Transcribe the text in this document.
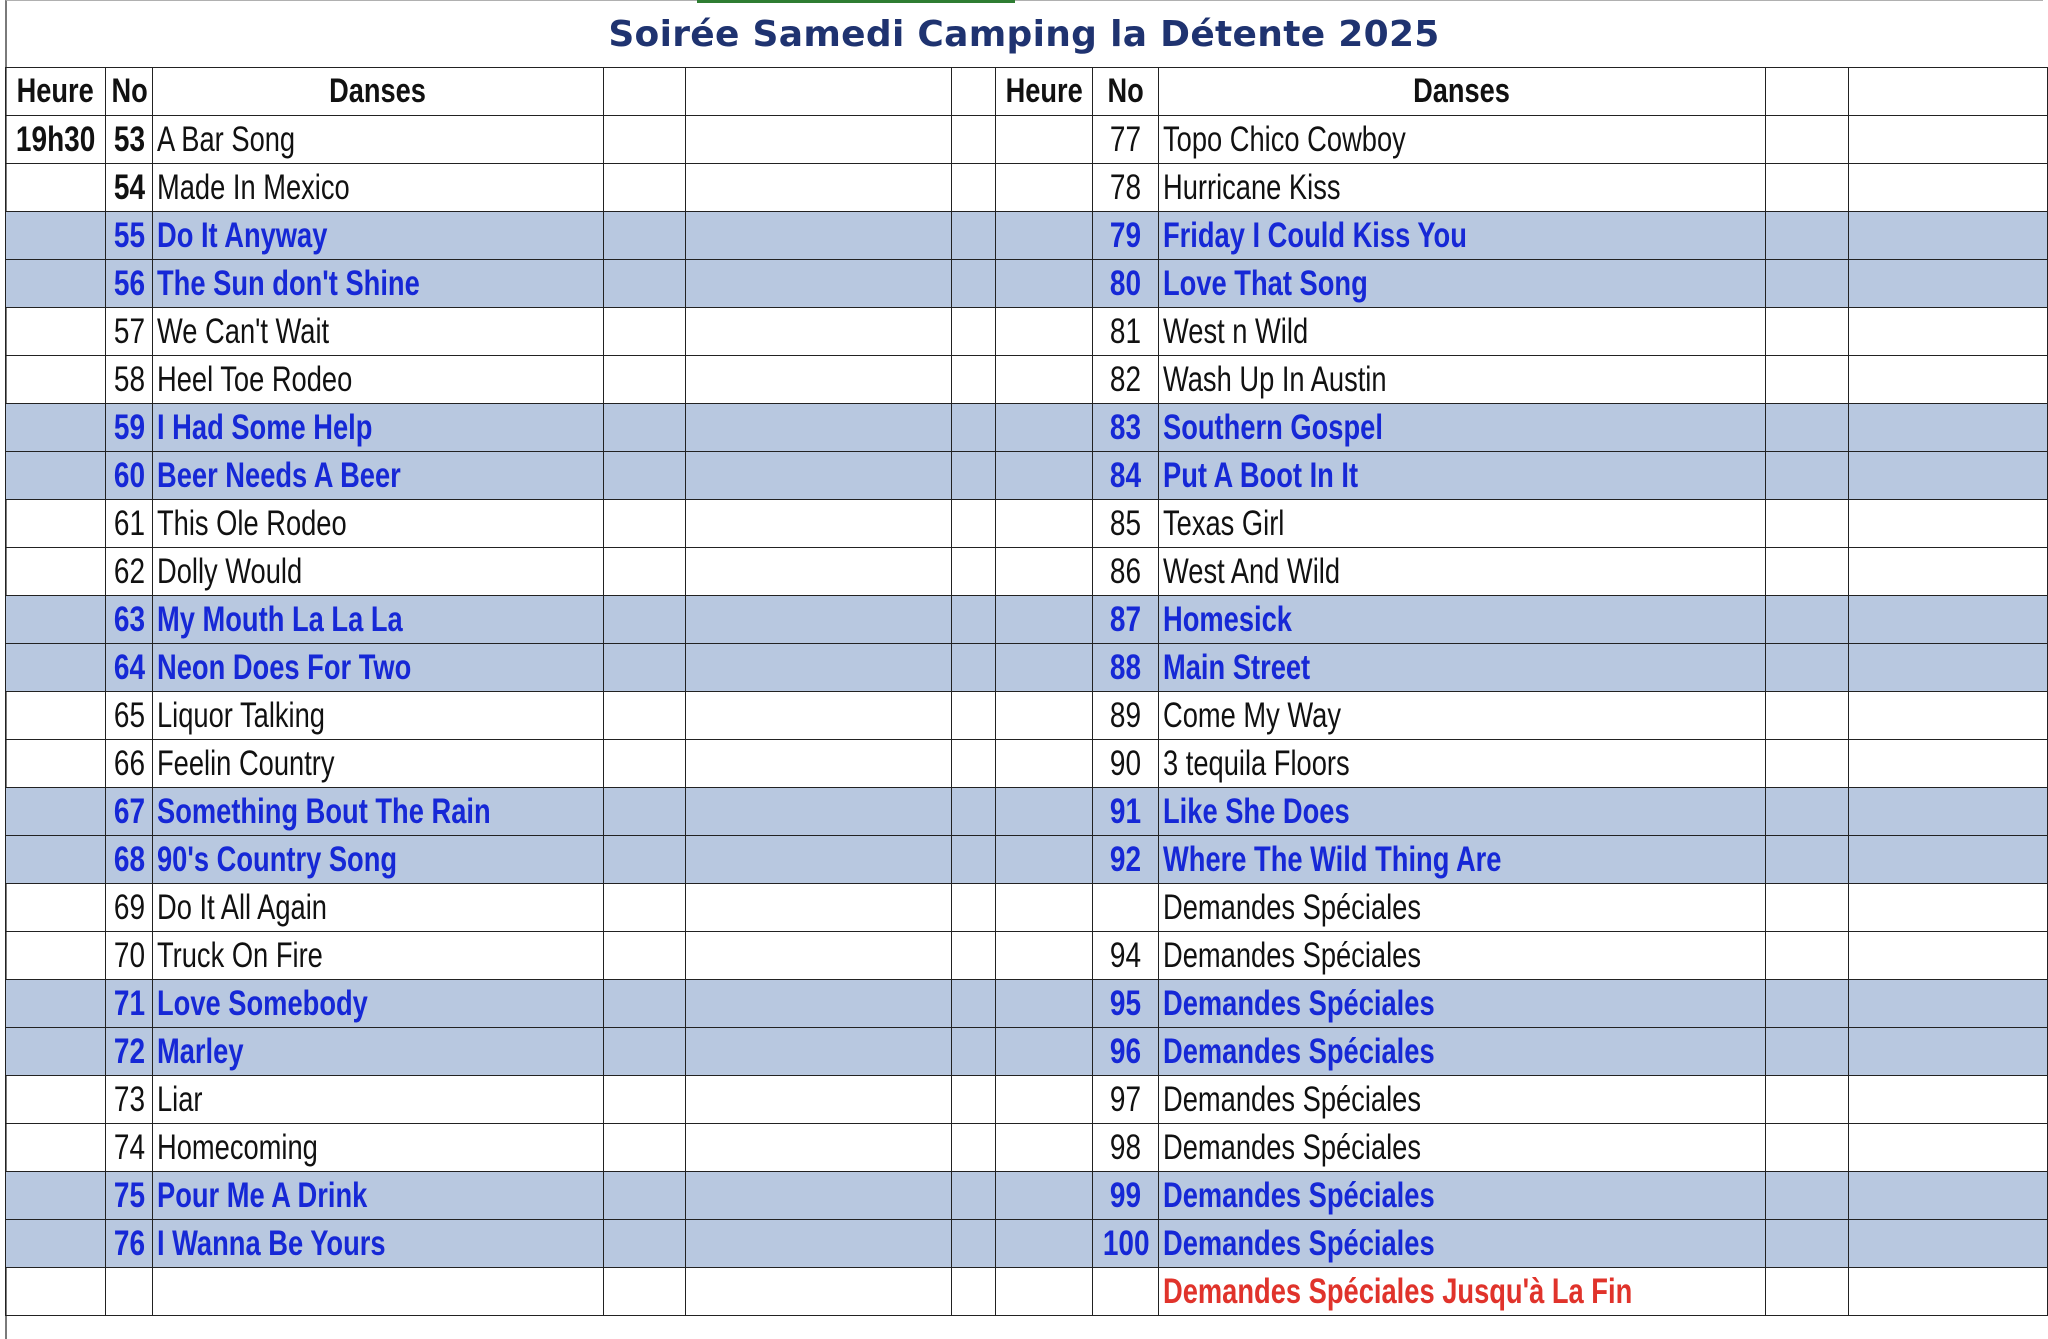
Soirée Samedi Camping la Détente 2025
Heure	No	Danses				Heure	No	Danses		
19h30	53	A Bar Song					77	Topo Chico Cowboy		
	54	Made In Mexico					78	Hurricane Kiss		
	55	Do It Anyway					79	Friday I Could Kiss You		
	56	The Sun don't Shine					80	Love That Song		
	57	We Can't Wait					81	West n Wild		
	58	Heel Toe Rodeo					82	Wash Up In Austin		
	59	I Had Some Help					83	Southern Gospel		
	60	Beer Needs A Beer					84	Put A Boot In It		
	61	This Ole Rodeo					85	Texas Girl		
	62	Dolly Would					86	West And Wild		
	63	My Mouth La La La					87	Homesick		
	64	Neon Does For Two					88	Main Street		
	65	Liquor Talking					89	Come My Way		
	66	Feelin Country					90	3 tequila Floors		
	67	Something Bout The Rain					91	Like She Does		
	68	90's Country Song					92	Where The Wild Thing Are		
	69	Do It All Again						Demandes Spéciales		
	70	Truck On Fire					94	Demandes Spéciales		
	71	Love Somebody					95	Demandes Spéciales		
	72	Marley					96	Demandes Spéciales		
	73	Liar					97	Demandes Spéciales		
	74	Homecoming					98	Demandes Spéciales		
	75	Pour Me A Drink					99	Demandes Spéciales		
	76	I Wanna Be Yours					100	Demandes Spéciales		
								Demandes Spéciales Jusqu'à La Fin		
